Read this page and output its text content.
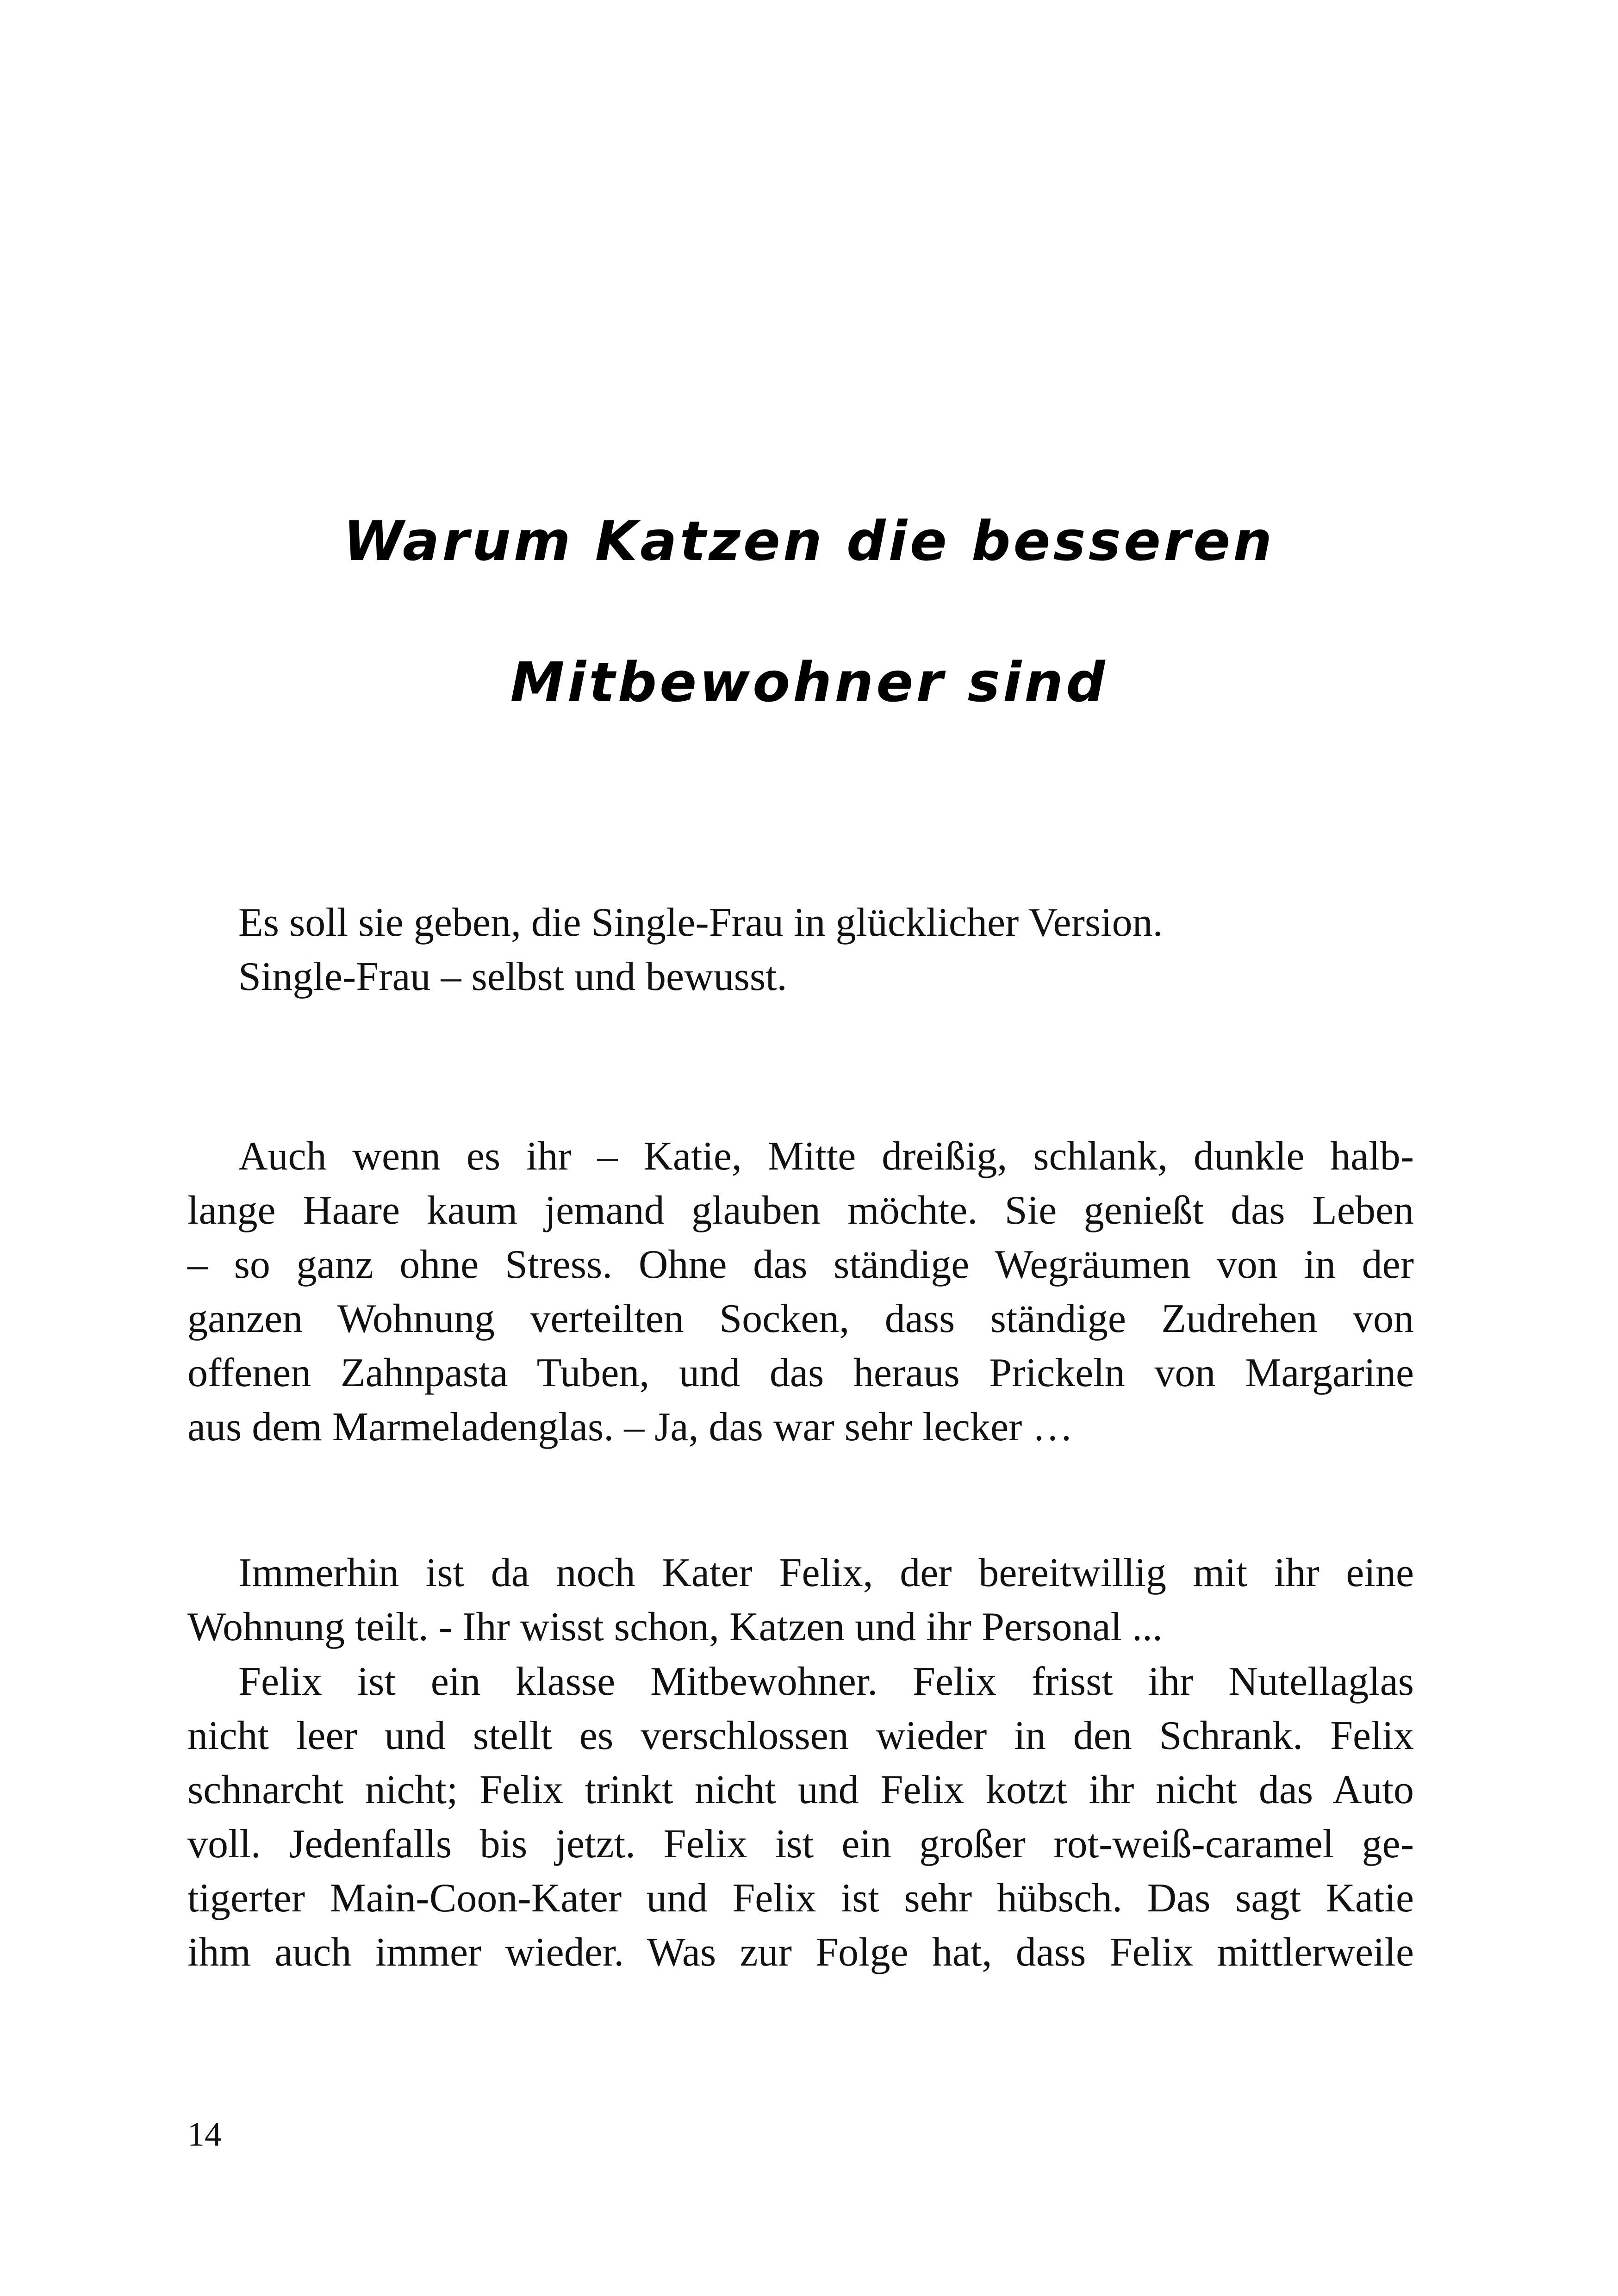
Warum Katzen die besseren
Mitbewohner sind
Es soll sie geben, die Single-Frau in glücklicher Version.
Single-Frau – selbst und bewusst.
Auch wenn es ihr – Katie, Mitte dreißig, schlank, dunkle halb-
lange Haare kaum jemand glauben möchte. Sie genießt das Leben
– so ganz ohne Stress. Ohne das ständige Wegräumen von in der
ganzen Wohnung verteilten Socken, dass ständige Zudrehen von
offenen Zahnpasta Tuben, und das heraus Prickeln von Margarine
aus dem Marmeladenglas. – Ja, das war sehr lecker …
Immerhin ist da noch Kater Felix, der bereitwillig mit ihr eine
Wohnung teilt. - Ihr wisst schon, Katzen und ihr Personal ...
Felix ist ein klasse Mitbewohner. Felix frisst ihr Nutellaglas
nicht leer und stellt es verschlossen wieder in den Schrank. Felix
schnarcht nicht; Felix trinkt nicht und Felix kotzt ihr nicht das Auto
voll. Jedenfalls bis jetzt. Felix ist ein großer rot-weiß-caramel ge-
tigerter Main-Coon-Kater und Felix ist sehr hübsch. Das sagt Katie
ihm auch immer wieder. Was zur Folge hat, dass Felix mittlerweile
14
